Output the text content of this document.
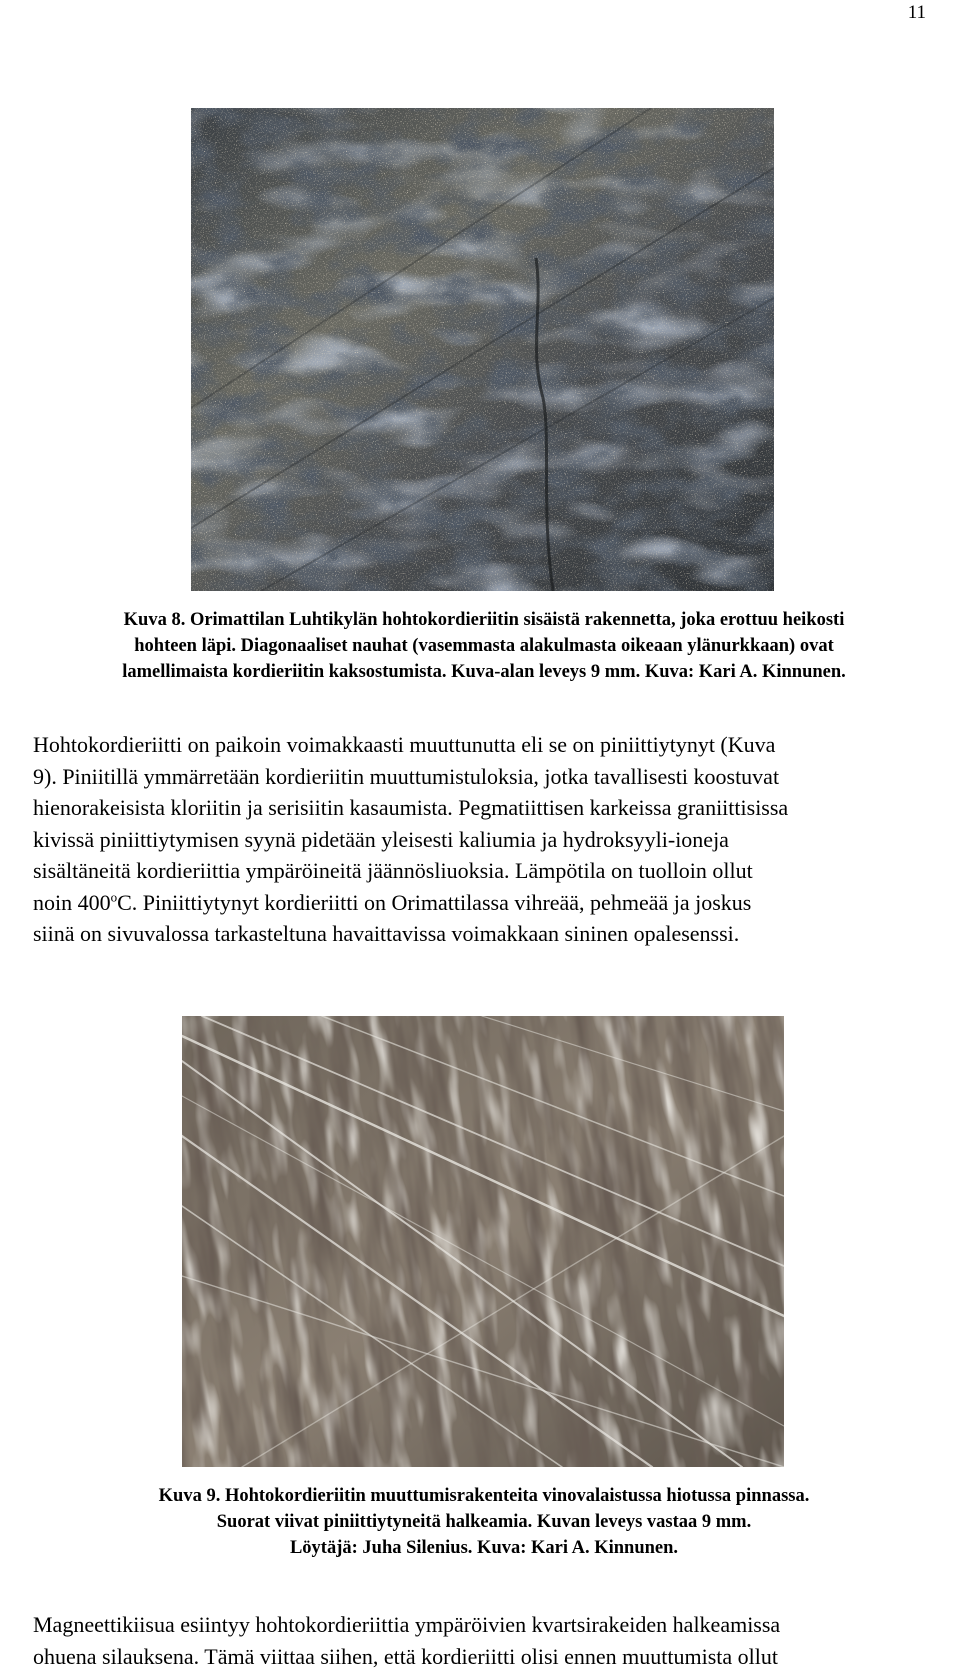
11
Kuva 8. Orimattilan Luhtikylän hohtokordieriitin sisäistä rakennetta, joka erottuu heikosti
hohteen läpi. Diagonaaliset nauhat (vasemmasta alakulmasta oikeaan ylänurkkaan) ovat
lamellimaista kordieriitin kaksostumista. Kuva-alan leveys 9 mm. Kuva: Kari A. Kinnunen.
Hohtokordieriitti on paikoin voimakkaasti muuttunutta eli se on piniittiytynyt (Kuva
9). Piniitillä ymmärretään kordieriitin muuttumistuloksia, jotka tavallisesti koostuvat
hienorakeisista kloriitin ja serisiitin kasaumista. Pegmatiittisen karkeissa graniittisissa
kivissä piniittiytymisen syynä pidetään yleisesti kaliumia ja hydroksyyli-ioneja
sisältäneitä kordieriittia ympäröineitä jäännösliuoksia. Lämpötila on tuolloin ollut
noin 400$^o$C. Piniittiytynyt kordieriitti on Orimattilassa vihreää, pehmeää ja joskus
siinä on sivuvalossa tarkasteltuna havaittavissa voimakkaan sininen opalesenssi.
Kuva 9. Hohtokordieriitin muuttumisrakenteita vinovalaistussa hiotussa pinnassa.
Suorat viivat piniittiytyneitä halkeamia. Kuvan leveys vastaa 9 mm.
Löytäjä: Juha Silenius. Kuva: Kari A. Kinnunen.
Magneettikiisua esiintyy hohtokordieriittia ympäröivien kvartsirakeiden halkeamissa
ohuena silauksena. Tämä viittaa siihen, että kordieriitti olisi ennen muuttumista ollut
